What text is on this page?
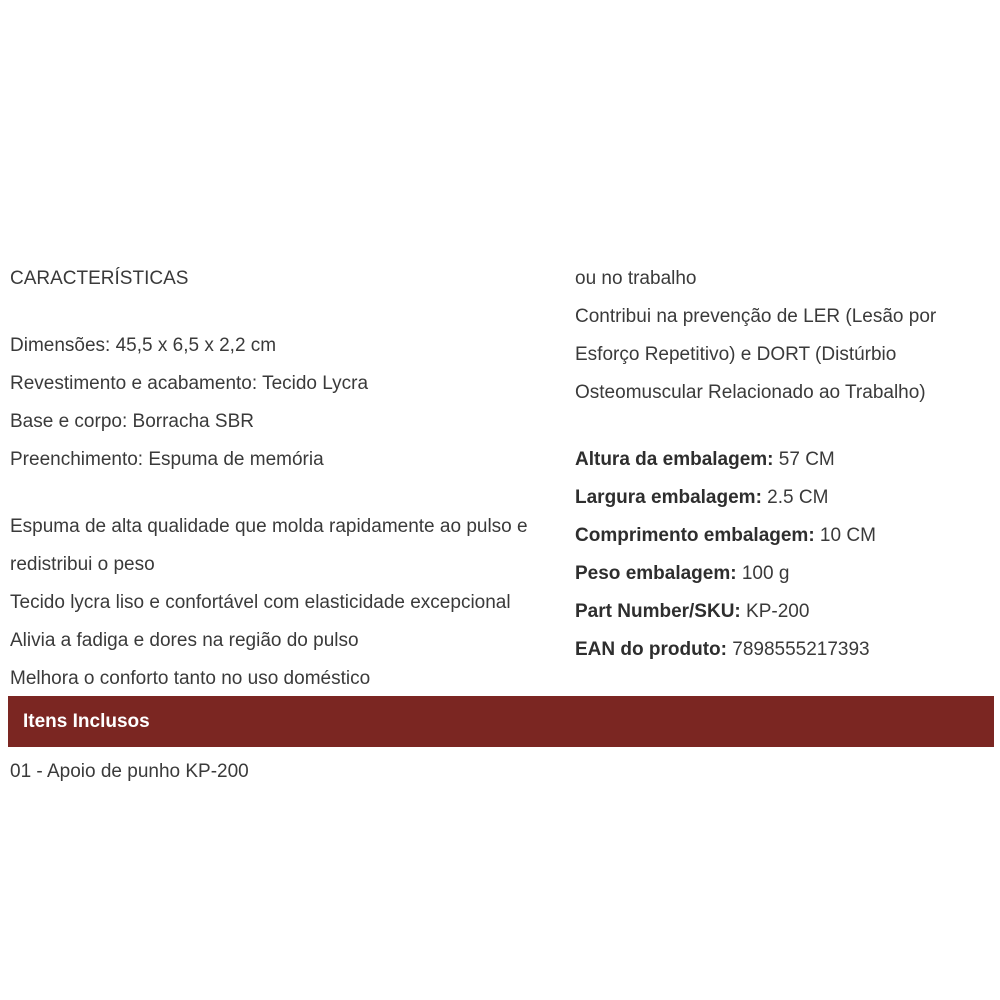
CARACTERÍSTICAS

Dimensões: 45,5 x 6,5 x 2,2 cm

Revestimento e acabamento: Tecido Lycra

Base e corpo: Borracha SBR

Preenchimento: Espuma de memória

Espuma de alta qualidade que molda rapidamente ao pulso e

redistribui o peso

Tecido lycra liso e confortável com elasticidade excepcional

Alivia a fadiga e dores na região do pulso

Melhora o conforto tanto no uso doméstico

ou no trabalho

Contribui na prevenção de LER (Lesão por

Esforço Repetitivo) e DORT (Distúrbio

Osteomuscular Relacionado ao Trabalho)

Altura da embalagem: 57 CM

Largura embalagem: 2.5 CM

Comprimento embalagem: 10 CM

Peso embalagem: 100 g

Part Number/SKU: KP-200

EAN do produto: 7898555217393

Itens Inclusos

01 - Apoio de punho KP-200
